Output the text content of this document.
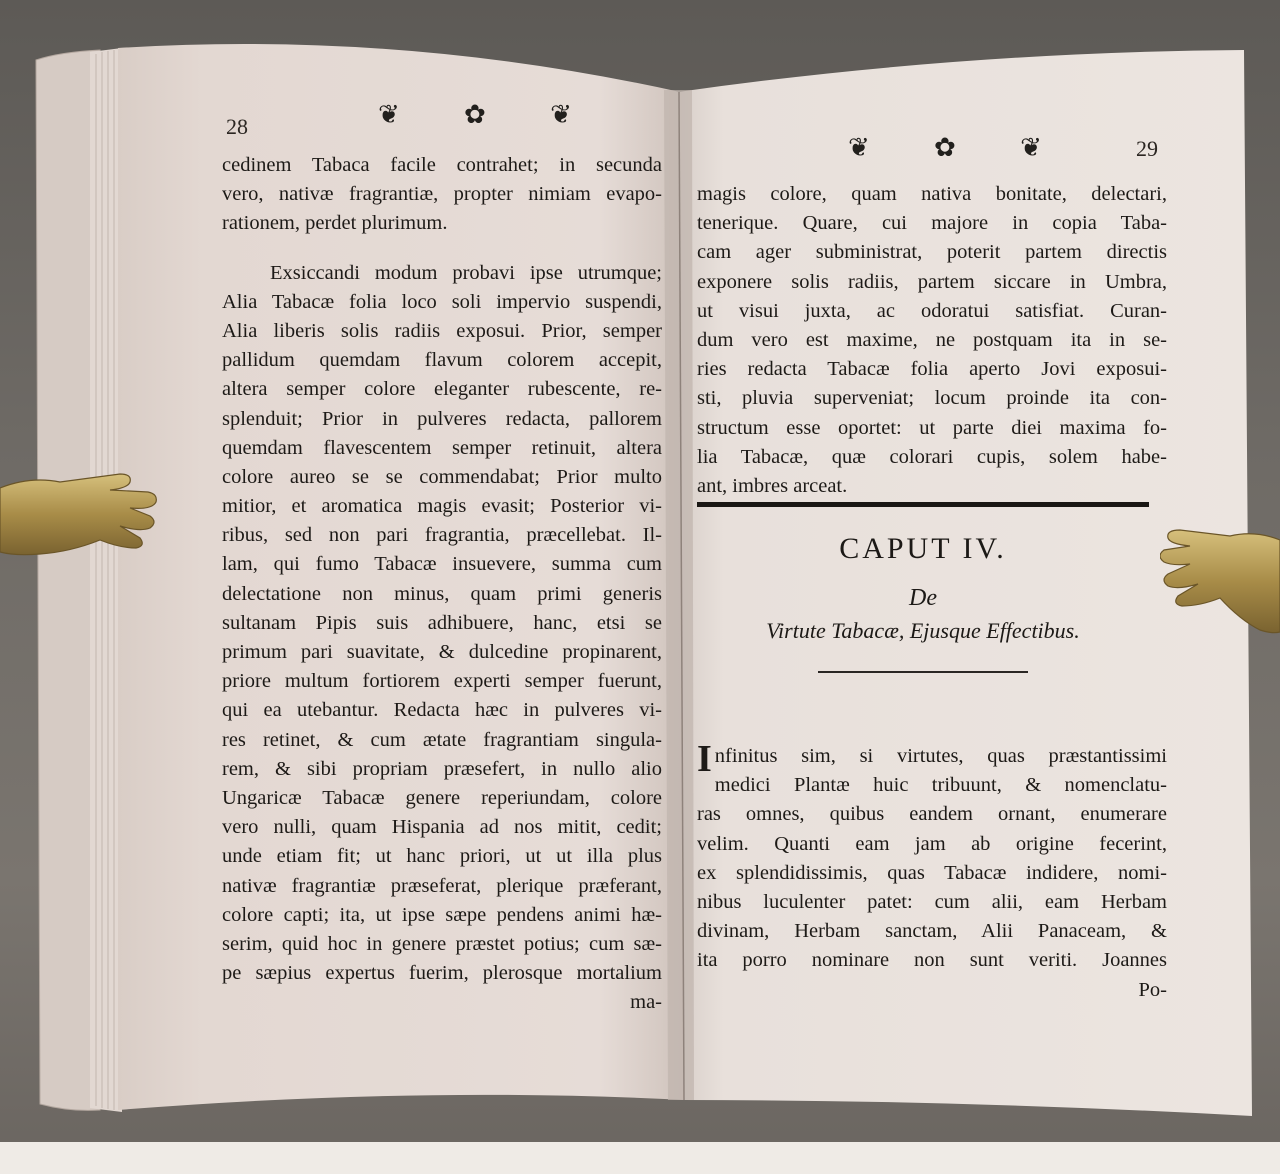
28	❦ ✿ ❦
cedinem Tabaca facile contrahet; in secunda
vero, nativæ fragrantiæ, propter nimiam evapo-
rationem, perdet plurimum.
Exsiccandi modum probavi ipse utrumque;
Alia Tabacæ folia loco soli impervio suspendi,
Alia liberis solis radiis exposui. Prior, semper
pallidum quemdam flavum colorem accepit,
altera semper colore eleganter rubescente, re-
splenduit; Prior in pulveres redacta, pallorem
quemdam flavescentem semper retinuit, altera
colore aureo se se commendabat; Prior multo
mitior, et aromatica magis evasit; Posterior vi-
ribus, sed non pari fragrantia, præcellebat. Il-
lam, qui fumo Tabacæ insuevere, summa cum
delectatione non minus, quam primi generis
sultanam Pipis suis adhibuere, hanc, etsi se
primum pari suavitate, & dulcedine propinarent,
priore multum fortiorem experti semper fuerunt,
qui ea utebantur. Redacta hæc in pulveres vi-
res retinet, & cum ætate fragrantiam singula-
rem, & sibi propriam præsefert, in nullo alio
Ungaricæ Tabacæ genere reperiundam, colore
vero nulli, quam Hispania ad nos mitit, cedit;
unde etiam fit; ut hanc priori, ut ut illa plus
nativæ fragrantiæ præseferat, plerique præferant,
colore capti; ita, ut ipse sæpe pendens animi hæ-
serim, quid hoc in genere præstet potius; cum sæ-
pe sæpius expertus fuerim, plerosque mortalium
ma-
❦ ✿ ❦	29
magis colore, quam nativa bonitate, delectari,
tenerique. Quare, cui majore in copia Taba-
cam ager subministrat, poterit partem directis
exponere solis radiis, partem siccare in Umbra,
ut visui juxta, ac odoratui satisfiat. Curan-
dum vero est maxime, ne postquam ita in se-
ries redacta Tabacæ folia aperto Jovi exposui-
sti, pluvia superveniat; locum proinde ita con-
structum esse oportet: ut parte diei maxima fo-
lia Tabacæ, quæ colorari cupis, solem habe-
ant, imbres arceat.
CAPUT IV.
De
Virtute Tabacæ, Ejusque Effectibus.
Infinitus sim, si virtutes, quas præstantissimi
medici Plantæ huic tribuunt, & nomenclatu-
ras omnes, quibus eandem ornant, enumerare
velim. Quanti eam jam ab origine fecerint,
ex splendidissimis, quas Tabacæ indidere, nomi-
nibus luculenter patet: cum alii, eam Herbam
divinam, Herbam sanctam, Alii Panaceam, &
ita porro nominare non sunt veriti. Joannes
Po-
